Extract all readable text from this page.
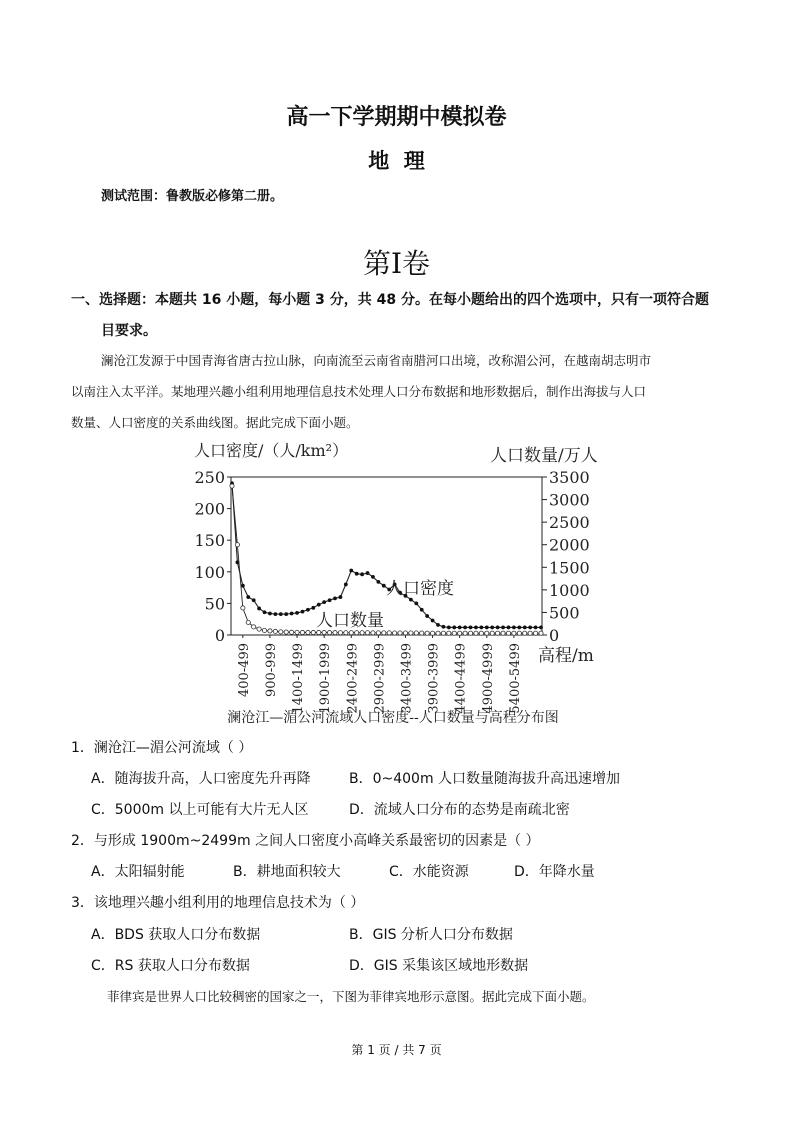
高一下学期期中模拟卷
地  理
测试范围：鲁教版必修第二册。
第I卷
一、选择题：本题共 16 小题，每小题 3 分，共 48 分。在每小题给出的四个选项中，只有一项符合题
目要求。
澜沧江发源于中国青海省唐古拉山脉，向南流至云南省南腊河口出境，改称湄公河，在越南胡志明市
以南注入太平洋。某地理兴趣小组利用地理信息技术处理人口分布数据和地形数据后，制作出海拔与人口
数量、人口密度的关系曲线图。据此完成下面小题。
人口密度/（人/km²）	人口数量/万人
250
200
150
100
50
0
3500
3000
2500
2000
1500
1000
500
0
400-499 900-999 1400-1499 1900-1999 2400-2499 2900-2999 3400-3499 3900-3999 4400-4499 4900-4999 5400-5499
人口密度
人口数量
高程/m
澜沧江—湄公河流域人口密度--人口数量与高程分布图
1．澜沧江—湄公河流域（ ）
A．随海拔升高，人口密度先升再降	B．0~400m 人口数量随海拔升高迅速增加
C．5000m 以上可能有大片无人区	D．流域人口分布的态势是南疏北密
2．与形成 1900m~2499m 之间人口密度小高峰关系最密切的因素是（ ）
A．太阳辐射能	B．耕地面积较大	C．水能资源	D．年降水量
3．该地理兴趣小组利用的地理信息技术为（ ）
A．BDS 获取人口分布数据	B．GIS 分析人口分布数据
C．RS 获取人口分布数据	D．GIS 采集该区域地形数据
菲律宾是世界人口比较稠密的国家之一，下图为菲律宾地形示意图。据此完成下面小题。
第 1 页 / 共 7 页
